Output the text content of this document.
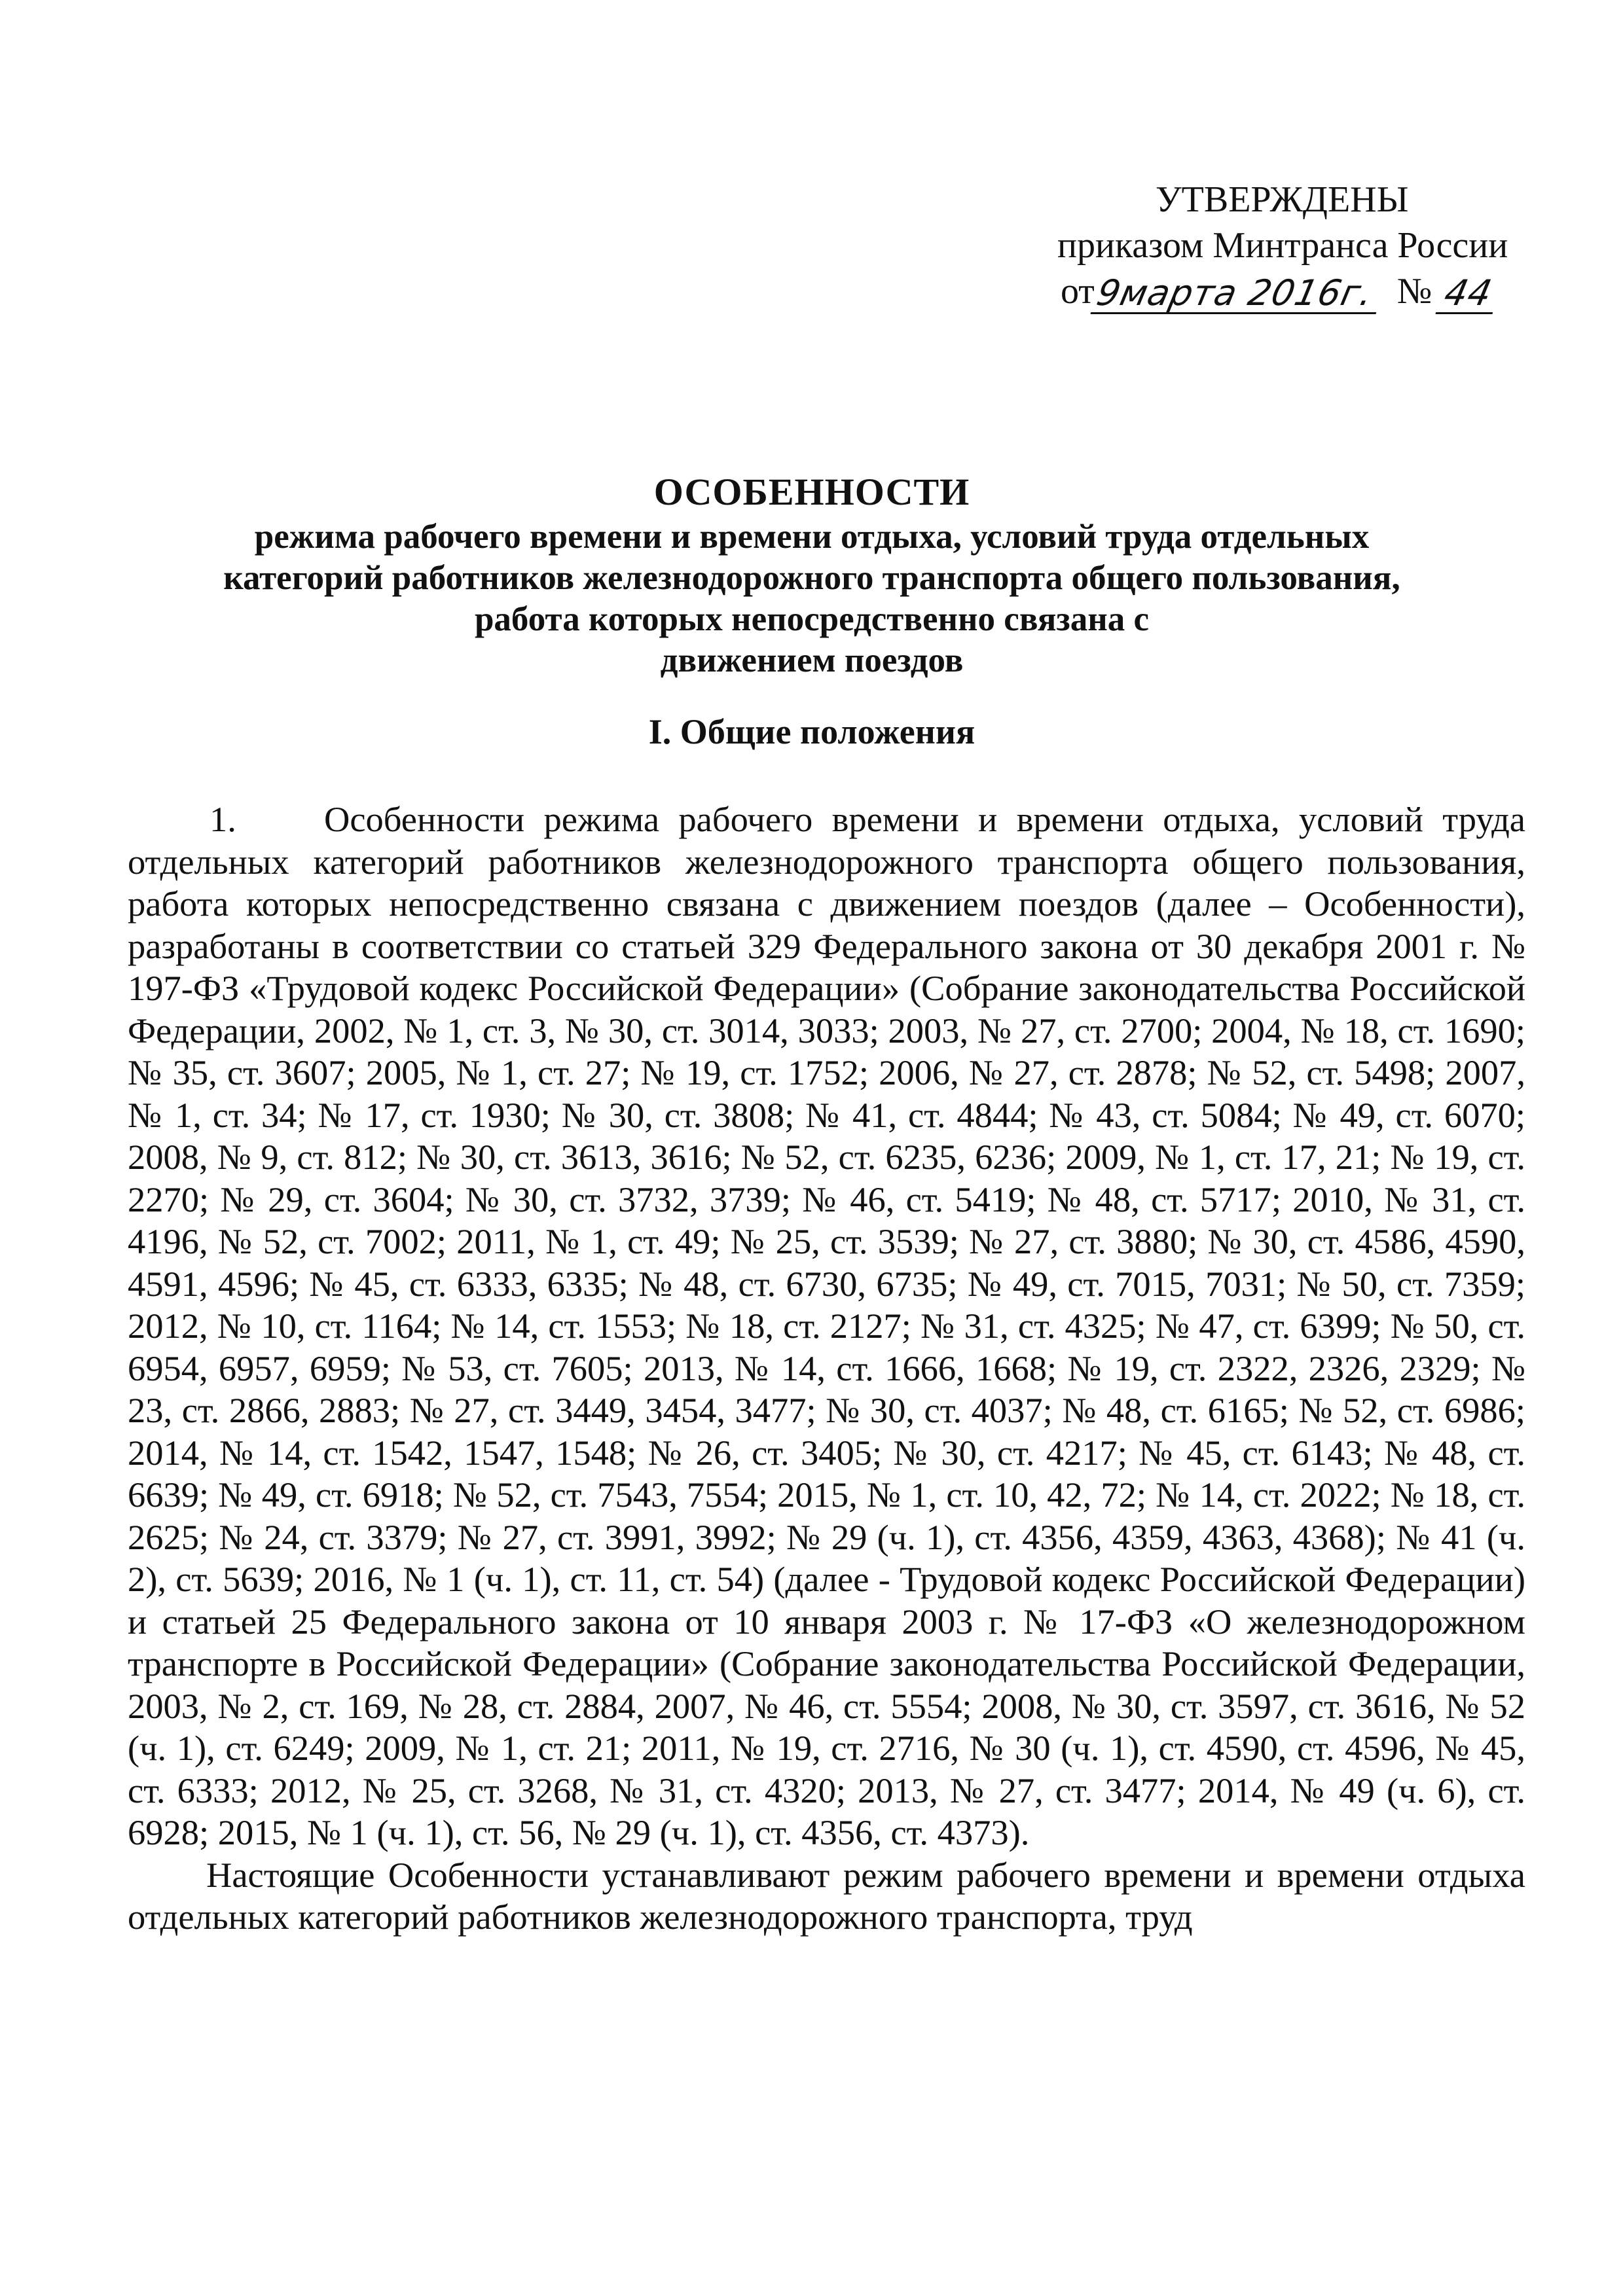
УТВЕРЖДЕНЫ
приказом Минтранса России
от
9марта 2016г. № 44
ОСОБЕННОСТИ
режима рабочего времени и времени отдыха, условий труда отдельных
категорий работников железнодорожного транспорта общего пользования,
работа которых непосредственно связана с
движением поездов
I. Общие положения

1. Особенности режима рабочего времени и времени отдыха, условий труда отдельных категорий работников железнодорожного транспорта общего пользования, работа которых непосредственно связана с движением поездов (далее – Особенности), разработаны в соответствии со статьей 329 Федерального закона от 30 декабря 2001 г. № 197-ФЗ «Трудовой кодекс Российской Федерации» (Собрание законодательства Российской Федерации, 2002, № 1, ст. 3, № 30, ст. 3014, 3033; 2003, № 27, ст. 2700; 2004, № 18, ст. 1690; № 35, ст. 3607; 2005, № 1, ст. 27; № 19, ст. 1752; 2006, № 27, ст. 2878; № 52, ст. 5498; 2007, № 1, ст. 34; № 17, ст. 1930; № 30, ст. 3808; № 41, ст. 4844; № 43, ст. 5084; № 49, ст. 6070; 2008, № 9, ст. 812; № 30, ст. 3613, 3616; № 52, ст. 6235, 6236; 2009, № 1, ст. 17, 21; № 19, ст. 2270; № 29, ст. 3604; № 30, ст. 3732, 3739; № 46, ст. 5419; № 48, ст. 5717; 2010, № 31, ст. 4196, № 52, ст. 7002; 2011, № 1, ст. 49; № 25, ст. 3539; № 27, ст. 3880; № 30, ст. 4586, 4590, 4591, 4596; № 45, ст. 6333, 6335; № 48, ст. 6730, 6735; № 49, ст. 7015, 7031; № 50, ст. 7359; 2012, № 10, ст. 1164; № 14, ст. 1553; № 18, ст. 2127; № 31, ст. 4325; № 47, ст. 6399; № 50, ст. 6954, 6957, 6959; № 53, ст. 7605; 2013, № 14, ст. 1666, 1668; № 19, ст. 2322, 2326, 2329; № 23, ст. 2866, 2883; № 27, ст. 3449, 3454, 3477; № 30, ст. 4037; № 48, ст. 6165; № 52, ст. 6986; 2014, № 14, ст. 1542, 1547, 1548; № 26, ст. 3405; № 30, ст. 4217; № 45, ст. 6143; № 48, ст. 6639; № 49, ст. 6918; № 52, ст. 7543, 7554; 2015, № 1, ст. 10, 42, 72; № 14, ст. 2022; № 18, ст. 2625; № 24, ст. 3379; № 27, ст. 3991, 3992; № 29 (ч. 1), ст. 4356, 4359, 4363, 4368); № 41 (ч. 2), ст. 5639; 2016, № 1 (ч. 1), ст. 11, ст. 54) (далее - Трудовой кодекс Российской Федерации) и статьей 25 Федерального закона от 10 января 2003 г. № 17-ФЗ «О железнодорожном транспорте в Российской Федерации» (Собрание законодательства Российской Федерации, 2003, № 2, ст. 169, № 28, ст. 2884, 2007, № 46, ст. 5554; 2008, № 30, ст. 3597, ст. 3616, № 52 (ч. 1), ст. 6249; 2009, № 1, ст. 21; 2011, № 19, ст. 2716, № 30 (ч. 1), ст. 4590, ст. 4596, № 45, ст. 6333; 2012, № 25, ст. 3268, № 31, ст. 4320; 2013, № 27, ст. 3477; 2014, № 49 (ч. 6), ст. 6928; 2015, № 1 (ч. 1), ст. 56, № 29 (ч. 1), ст. 4356, ст. 4373).

Настоящие Особенности устанавливают режим рабочего времени и времени отдыха отдельных категорий работников железнодорожного транспорта, труд
